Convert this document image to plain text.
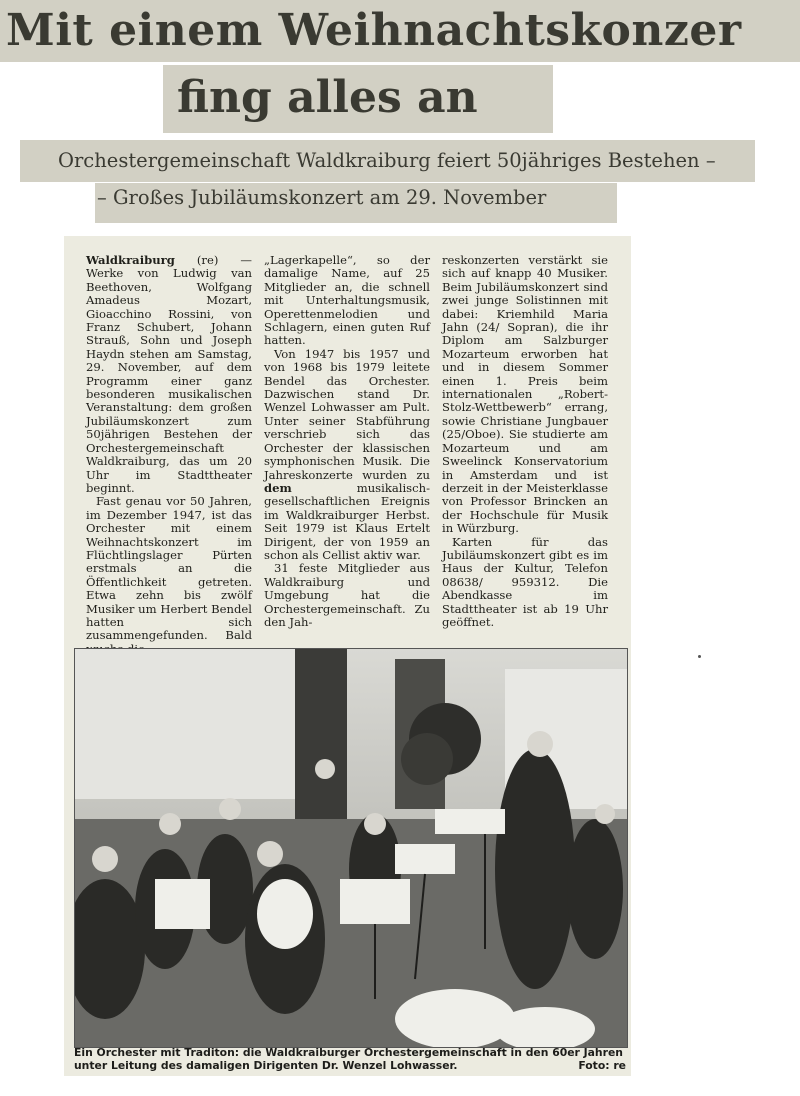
Mit einem Weihnachtskonzer
fing alles an
Orchestergemeinschaft Waldkraiburg feiert 50jähriges Bestehen –
– Großes Jubiläumskonzert am 29. November

Waldkraiburg (re) — Werke von Ludwig van Beethoven, Wolfgang Amadeus Mozart, Gioacchino Rossini, von Franz Schubert, Johann Strauß, Sohn und Joseph Haydn stehen am Samstag, 29. November, auf dem Programm einer ganz besonderen musikalischen Veranstaltung: dem großen Jubiläumskonzert zum 50jährigen Bestehen der Orchestergemeinschaft Waldkraiburg, das um 20 Uhr im Stadttheater beginnt.

Fast genau vor 50 Jahren, im Dezember 1947, ist das Orchester mit einem Weihnachtskonzert im Flüchtlingslager Pürten erstmals an die Öffentlichkeit getreten. Etwa zehn bis zwölf Musiker um Herbert Bendel hatten sich zusammengefunden. Bald

„Lagerkapelle“, so der damalige Name, auf 25 Mitglieder an, die schnell mit Unterhaltungsmusik, Operettenmelodien und Schlagern, einen guten Ruf hatten.

Von 1947 bis 1957 und von 1968 bis 1979 leitete Bendel das Orchester. Dazwischen stand Dr. Wenzel Lohwasser am Pult. Unter seiner Stabführung verschrieb sich das Orchester der klassischen symphonischen Musik. Die Jahreskonzerte wurden zu dem musikalisch-gesellschaftlichen Ereignis im Waldkraiburger Herbst. Seit 1979 ist Klaus Ertelt Dirigent, der von 1959 an schon als Cellist aktiv war.

31 feste Mitglieder aus Waldkraiburg und Umgebung hat die Orchestergemeinschaft. Zu den Jah-

reskonzerten verstärkt sie sich auf knapp 40 Musiker. Beim Jubiläumskonzert sind zwei junge Solistinnen mit dabei: Kriemhild Maria Jahn (24/ Sopran), die ihr Diplom am Salzburger Mozarteum erworben hat und in diesem Sommer einen 1. Preis beim internationalen „Robert-Stolz-Wettbewerb“ errang, sowie Christiane Jungbauer (25/Oboe). Sie studierte am Mozarteum und am Sweelinck Konservatorium in Amsterdam und ist derzeit in der Meisterklasse von Professor Brincken an der Hochschule für Musik in Würzburg.

Karten für das Jubiläumskonzert gibt es im Haus der Kultur, Telefon 08638/ 959312. Die Abendkasse im Stadttheater ist ab 19 Uhr geöffnet.

Ein Orchester mit Traditon: die Waldkraiburger Orchestergemeinschaft in den 60er Jahren unter Leitung des damaligen Dirigenten Dr. Wenzel Lohwasser.	Foto: re
